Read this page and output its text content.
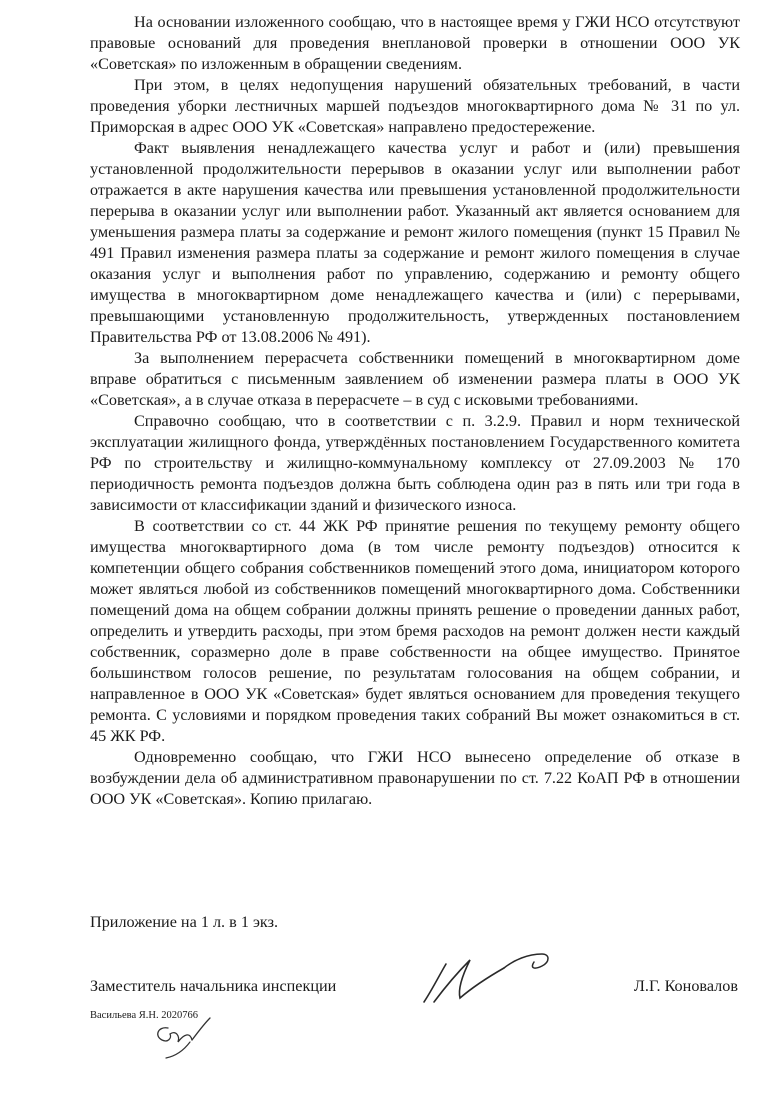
На основании изложенного сообщаю, что в настоящее время у ГЖИ НСО отсутствуют правовые оснований для проведения внеплановой проверки в отношении ООО УК «Советская» по изложенным в обращении сведениям.

При этом, в целях недопущения нарушений обязательных требований, в части проведения уборки лестничных маршей подъездов многоквартирного дома № 31 по ул. Приморская в адрес ООО УК «Советская» направлено предостережение.

Факт выявления ненадлежащего качества услуг и работ и (или) превышения установленной продолжительности перерывов в оказании услуг или выполнении работ отражается в акте нарушения качества или превышения установленной продолжительности перерыва в оказании услуг или выполнении работ. Указанный акт является основанием для уменьшения размера платы за содержание и ремонт жилого помещения (пункт 15 Правил № 491 Правил изменения размера платы за содержание и ремонт жилого помещения в случае оказания услуг и выполнения работ по управлению, содержанию и ремонту общего имущества в многоквартирном доме ненадлежащего качества и (или) с перерывами, превышающими установленную продолжительность, утвержденных постановлением Правительства РФ от 13.08.2006 № 491).

За выполнением перерасчета собственники помещений в многоквартирном доме вправе обратиться с письменным заявлением об изменении размера платы в ООО УК «Советская», а в случае отказа в перерасчете – в суд с исковыми требованиями.

Справочно сообщаю, что в соответствии с п. 3.2.9. Правил и норм технической эксплуатации жилищного фонда, утверждённых постановлением Государственного комитета РФ по строительству и жилищно-коммунальному комплексу от 27.09.2003 № 170 периодичность ремонта подъездов должна быть соблюдена один раз в пять или три года в зависимости от классификации зданий и физического износа.

В соответствии со ст. 44 ЖК РФ принятие решения по текущему ремонту общего имущества многоквартирного дома (в том числе ремонту подъездов) относится к компетенции общего собрания собственников помещений этого дома, инициатором которого может являться любой из собственников помещений многоквартирного дома. Собственники помещений дома на общем собрании должны принять решение о проведении данных работ, определить и утвердить расходы, при этом бремя расходов на ремонт должен нести каждый собственник, соразмерно доле в праве собственности на общее имущество. Принятое большинством голосов решение, по результатам голосования на общем собрании, и направленное в ООО УК «Советская» будет являться основанием для проведения текущего ремонта. С условиями и порядком проведения таких собраний Вы может ознакомиться в ст. 45 ЖК РФ.

Одновременно сообщаю, что ГЖИ НСО вынесено определение об отказе в возбуждении дела об административном правонарушении по ст. 7.22 КоАП РФ в отношении ООО УК «Советская». Копию прилагаю.

Приложение на 1 л. в 1 экз.

Заместитель начальника инспекции	Л.Г. Коновалов
Васильева Я.Н. 2020766
